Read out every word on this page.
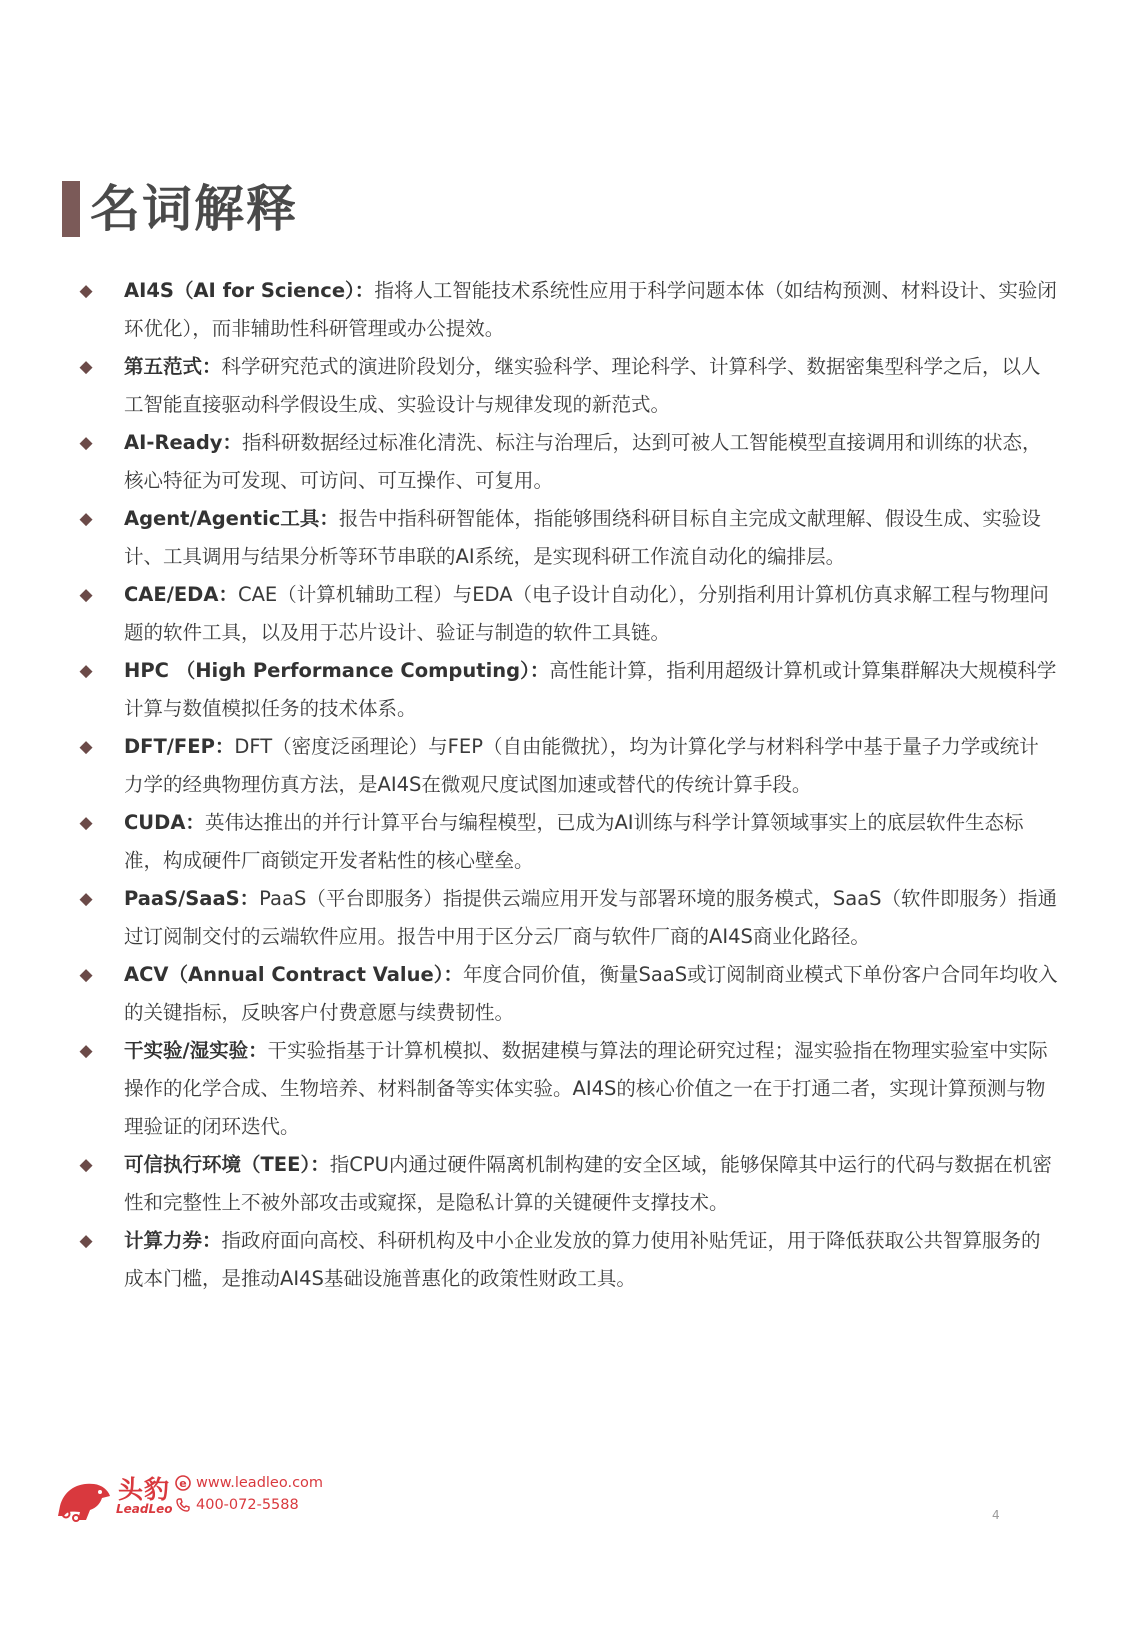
名词解释
◆ AI4S（AI for Science）：指将人工智能技术系统性应用于科学问题本体（如结构预测、材料设计、实验闭环优化），而非辅助性科研管理或办公提效。
◆ 第五范式：科学研究范式的演进阶段划分，继实验科学、理论科学、计算科学、数据密集型科学之后，以人工智能直接驱动科学假设生成、实验设计与规律发现的新范式。
◆ AI-Ready：指科研数据经过标准化清洗、标注与治理后，达到可被人工智能模型直接调用和训练的状态，核心特征为可发现、可访问、可互操作、可复用。
◆ Agent/Agentic工具：报告中指科研智能体，指能够围绕科研目标自主完成文献理解、假设生成、实验设计、工具调用与结果分析等环节串联的AI系统，是实现科研工作流自动化的编排层。
◆ CAE/EDA：CAE（计算机辅助工程）与EDA（电子设计自动化），分别指利用计算机仿真求解工程与物理问题的软件工具，以及用于芯片设计、验证与制造的软件工具链。
◆ HPC （High Performance Computing）：高性能计算，指利用超级计算机或计算集群解决大规模科学计算与数值模拟任务的技术体系。
◆ DFT/FEP：DFT（密度泛函理论）与FEP（自由能微扰），均为计算化学与材料科学中基于量子力学或统计力学的经典物理仿真方法，是AI4S在微观尺度试图加速或替代的传统计算手段。
◆ CUDA：英伟达推出的并行计算平台与编程模型，已成为AI训练与科学计算领域事实上的底层软件生态标准，构成硬件厂商锁定开发者粘性的核心壁垒。
◆ PaaS/SaaS：PaaS（平台即服务）指提供云端应用开发与部署环境的服务模式，SaaS（软件即服务）指通过订阅制交付的云端软件应用。报告中用于区分云厂商与软件厂商的AI4S商业化路径。
◆ ACV（Annual Contract Value）：年度合同价值，衡量SaaS或订阅制商业模式下单份客户合同年均收入的关键指标，反映客户付费意愿与续费韧性。
◆ 干实验/湿实验：干实验指基于计算机模拟、数据建模与算法的理论研究过程；湿实验指在物理实验室中实际操作的化学合成、生物培养、材料制备等实体实验。AI4S的核心价值之一在于打通二者，实现计算预测与物理验证的闭环迭代。
◆ 可信执行环境（TEE）：指CPU内通过硬件隔离机制构建的安全区域，能够保障其中运行的代码与数据在机密性和完整性上不被外部攻击或窥探，是隐私计算的关键硬件支撑技术。
◆ 计算力券：指政府面向高校、科研机构及中小企业发放的算力使用补贴凭证，用于降低获取公共智算服务的成本门槛，是推动AI4S基础设施普惠化的政策性财政工具。
头豹
LeadLeo
e www.leadleo.com
400-072-5588
4
